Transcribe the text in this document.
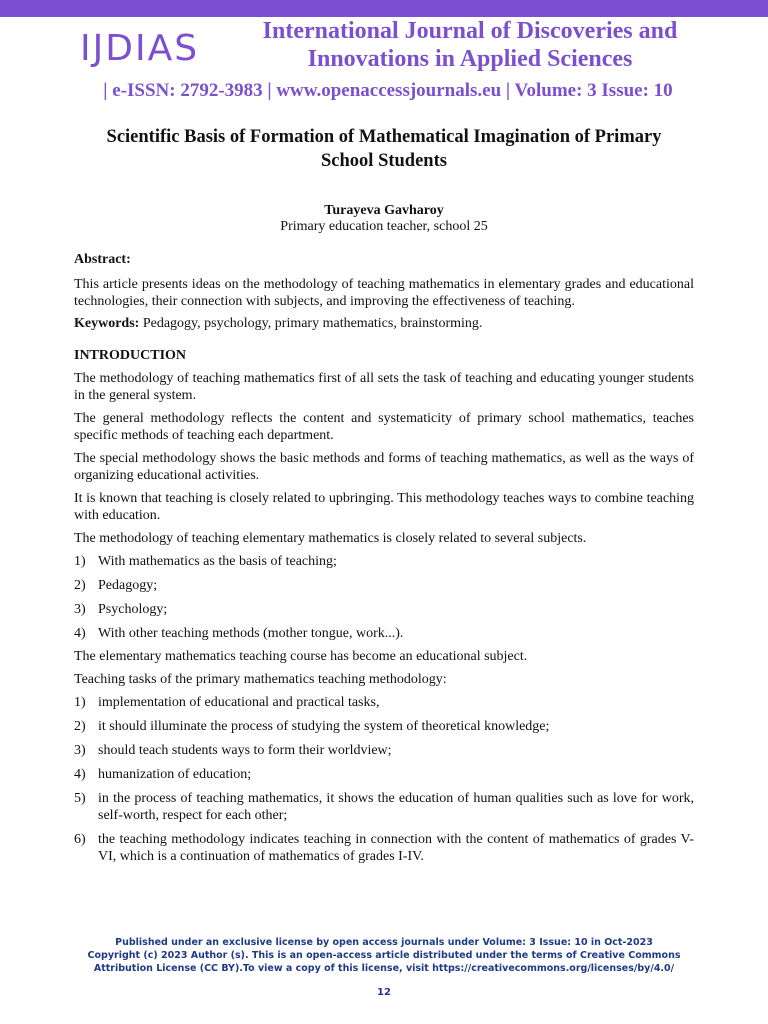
IJDIAS	International Journal of Discoveries and
Innovations in Applied Sciences
| e-ISSN: 2792-3983 | www.openaccessjournals.eu | Volume: 3 Issue: 10
Scientific Basis of Formation of Mathematical Imagination of Primary
School Students
Turayeva Gavharoy
Primary education teacher, school 25

Abstract:

This article presents ideas on the methodology of teaching mathematics in elementary grades and educational technologies, their connection with subjects, and improving the effectiveness of teaching.

Keywords: Pedagogy, psychology, primary mathematics, brainstorming.

INTRODUCTION

The methodology of teaching mathematics first of all sets the task of teaching and educating younger students in the general system.

The general methodology reflects the content and systematicity of primary school mathematics, teaches specific methods of teaching each department.

The special methodology shows the basic methods and forms of teaching mathematics, as well as the ways of organizing educational activities.

It is known that teaching is closely related to upbringing. This methodology teaches ways to combine teaching with education.

The methodology of teaching elementary mathematics is closely related to several subjects.

1) With mathematics as the basis of teaching;
2) Pedagogy;
3) Psychology;
4) With other teaching methods (mother tongue, work...).

The elementary mathematics teaching course has become an educational subject.

Teaching tasks of the primary mathematics teaching methodology:

1) implementation of educational and practical tasks,
2) it should illuminate the process of studying the system of theoretical knowledge;
3) should teach students ways to form their worldview;
4) humanization of education;
5) in the process of teaching mathematics, it shows the education of human qualities such as love for work, self-worth, respect for each other;
6) the teaching methodology indicates teaching in connection with the content of mathematics of grades V-VI, which is a continuation of mathematics of grades I-IV.
Published under an exclusive license by open access journals under Volume: 3 Issue: 10 in Oct-2023
Copyright (c) 2023 Author (s). This is an open-access article distributed under the terms of Creative Commons
Attribution License (CC BY).To view a copy of this license, visit https://creativecommons.org/licenses/by/4.0/
12
